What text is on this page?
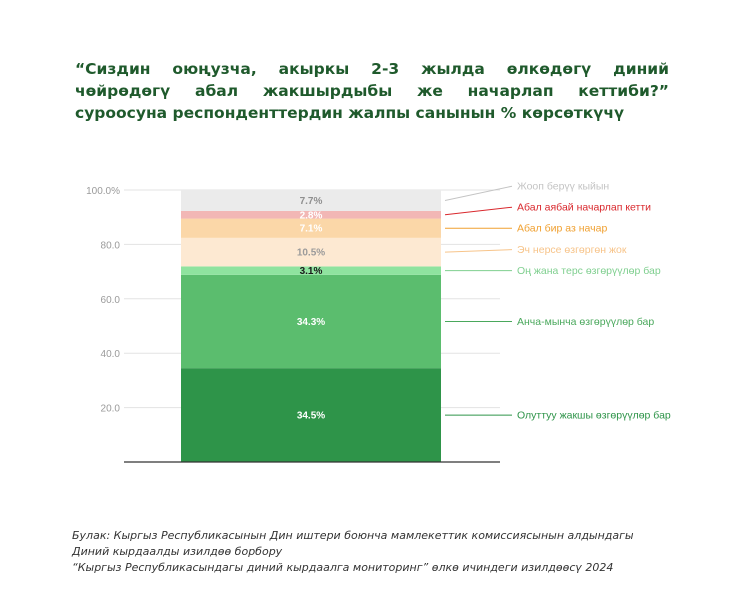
“Сиздин оюңузча, акыркы 2-3 жылда өлкөдөгү диний
чөйрөдөгү абал жакшырдыбы же начарлап кеттиби?”
суроосуна респонденттердин жалпы санынын % көрсөткүчү
34.5%
34.3%
3.1%
10.5%
7.1%
2.8%
7.7%
Олуттуу жакшы өзгөрүүлөр бар
Анча-мынча өзгөрүүлөр бар
Оң жана терс өзгөрүүлөр бар
Эч нерсе өзгөргөн жок
Абал бир аз начар
Абал аябай начарлап кетти
Жооп берүү кыйын
20.0
40.0
60.0
80.0
100.0%
Булак: Кыргыз Республикасынын Дин иштери боюнча мамлекеттик комиссиясынын алдындагы
Диний кырдаалды изилдөө борбору
“Кыргыз Республикасындагы диний кырдаалга мониторинг” өлкө ичиндеги изилдөөсү 2024
